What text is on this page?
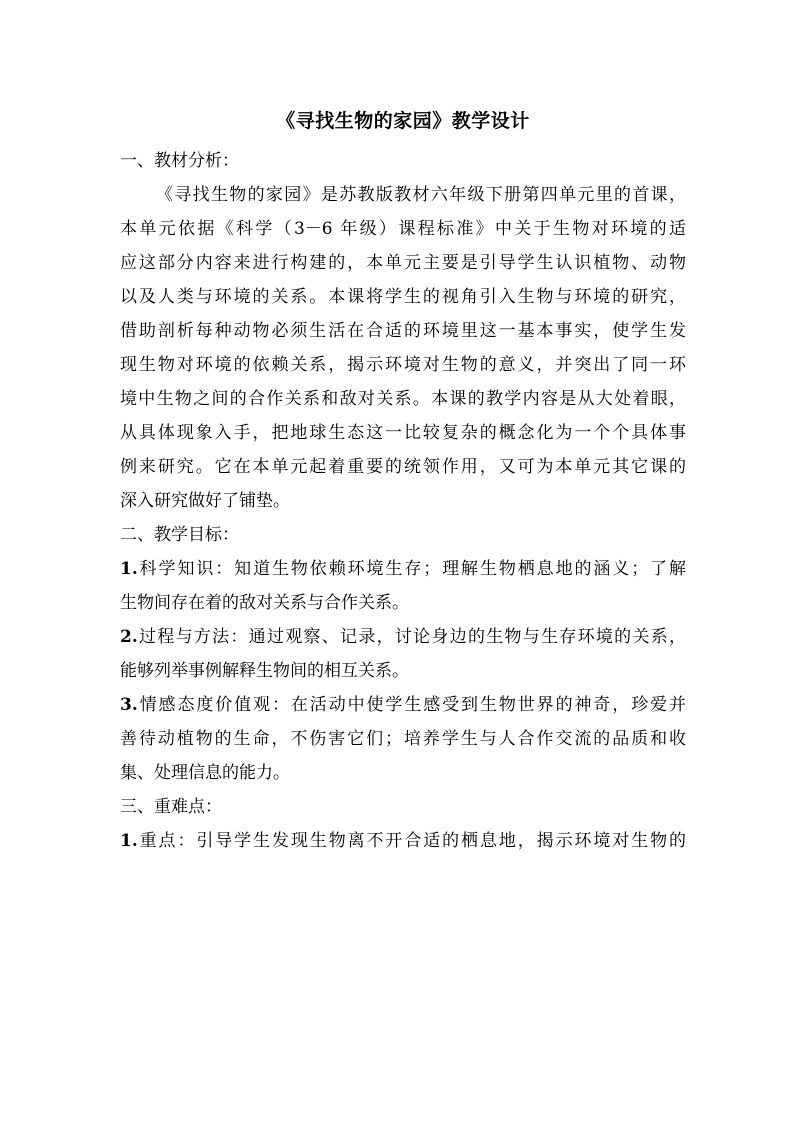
《寻找生物的家园》教学设计
一、教材分析：

《寻找生物的家园》是苏教版教材六年级下册第四单元里的首课，
本单元依据《科学（3－6 年级）课程标准》中关于生物对环境的适
应这部分内容来进行构建的，本单元主要是引导学生认识植物、动物
以及人类与环境的关系。本课将学生的视角引入生物与环境的研究，
借助剖析每种动物必须生活在合适的环境里这一基本事实，使学生发
现生物对环境的依赖关系，揭示环境对生物的意义，并突出了同一环
境中生物之间的合作关系和敌对关系。本课的教学内容是从大处着眼，
从具体现象入手，把地球生态这一比较复杂的概念化为一个个具体事
例来研究。它在本单元起着重要的统领作用，又可为本单元其它课的
深入研究做好了铺垫。

二、教学目标：

1.科学知识：知道生物依赖环境生存；理解生物栖息地的涵义；了解
生物间存在着的敌对关系与合作关系。

2.过程与方法：通过观察、记录，讨论身边的生物与生存环境的关系，
能够列举事例解释生物间的相互关系。

3.情感态度价值观：在活动中使学生感受到生物世界的神奇，珍爱并
善待动植物的生命，不伤害它们；培养学生与人合作交流的品质和收
集、处理信息的能力。

三、重难点：

1.重点：引导学生发现生物离不开合适的栖息地，揭示环境对生物的
